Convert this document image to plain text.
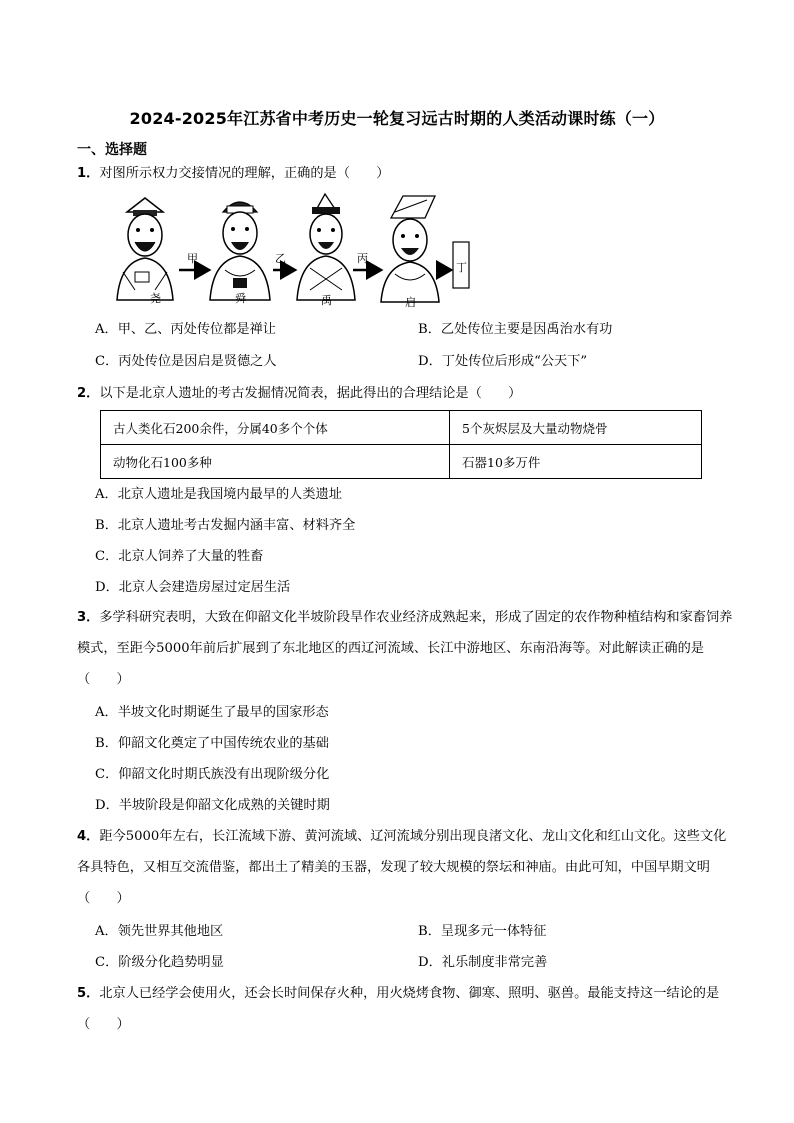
2024-2025年江苏省中考历史一轮复习远古时期的人类活动课时练（一）
一、选择题
1．对图所示权力交接情况的理解，正确的是（　　）
甲	乙	丙
丁
尧	舜	禹	启
A．甲、乙、丙处传位都是禅让	B．乙处传位主要是因禹治水有功
C．丙处传位是因启是贤德之人	D．丁处传位后形成“公天下”
2．以下是北京人遗址的考古发掘情况简表，据此得出的合理结论是（　　）
古人类化石200余件，分属40多个个体	5个灰烬层及大量动物烧骨
动物化石100多种	石器10多万件
A．北京人遗址是我国境内最早的人类遗址
B．北京人遗址考古发掘内涵丰富、材料齐全
C．北京人饲养了大量的牲畜
D．北京人会建造房屋过定居生活
3．多学科研究表明，大致在仰韶文化半坡阶段旱作农业经济成熟起来，形成了固定的农作物种植结构和家畜饲养模式，至距今5000年前后扩展到了东北地区的西辽河流域、长江中游地区、东南沿海等。对此解读正确的是（　　）
A．半坡文化时期诞生了最早的国家形态
B．仰韶文化奠定了中国传统农业的基础
C．仰韶文化时期氏族没有出现阶级分化
D．半坡阶段是仰韶文化成熟的关键时期
4．距今5000年左右，长江流域下游、黄河流域、辽河流域分别出现良渚文化、龙山文化和红山文化。这些文化各具特色，又相互交流借鉴，都出土了精美的玉器，发现了较大规模的祭坛和神庙。由此可知，中国早期文明（　　）
A．领先世界其他地区	B．呈现多元一体特征
C．阶级分化趋势明显	D．礼乐制度非常完善
5．北京人已经学会使用火，还会长时间保存火种，用火烧烤食物、御寒、照明、驱兽。最能支持这一结论的是（　　）
